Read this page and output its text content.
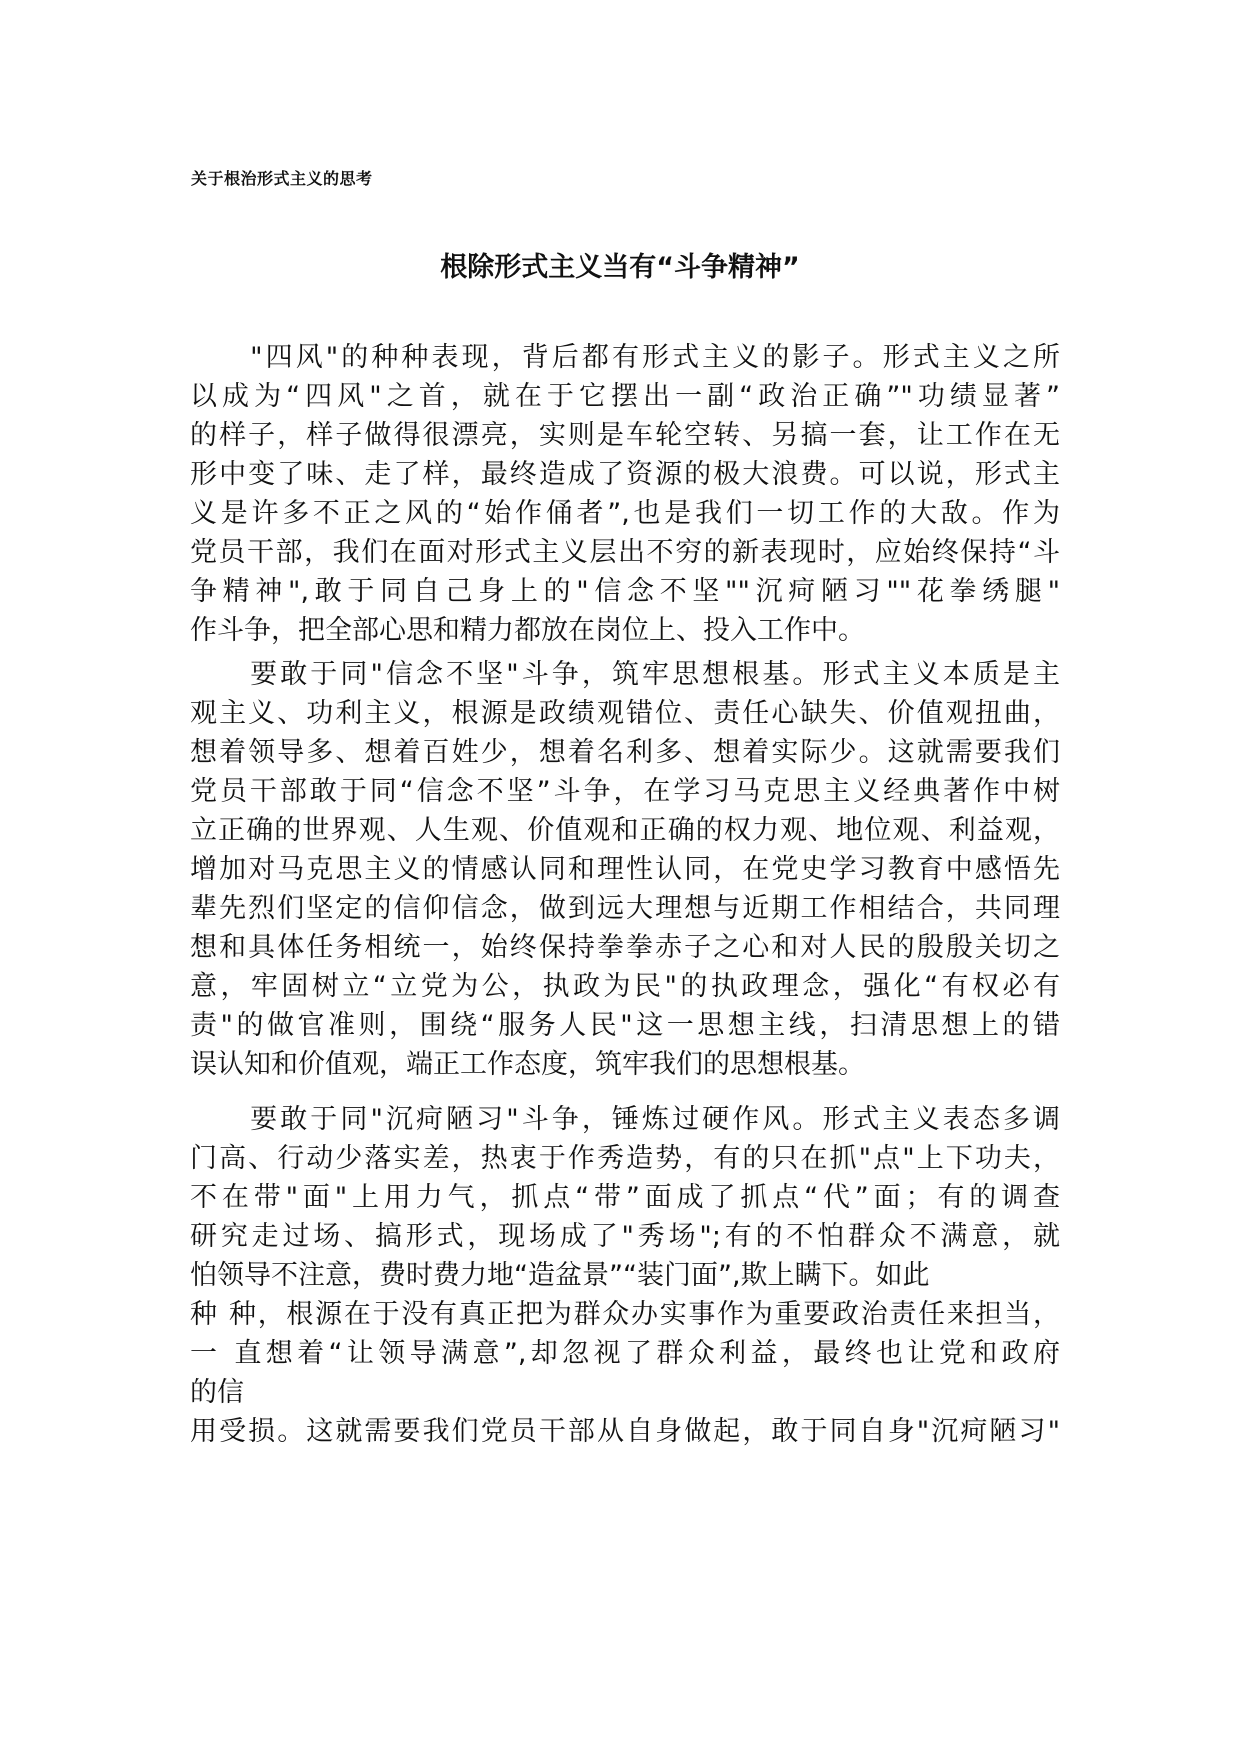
关于根治形式主义的思考
根除形式主义当有“斗争精神”
　　"四风"的种种表现，背后都有形式主义的影子。形式主义之所
以成为“四风"之首，就在于它摆出一副“政治正确”"功绩显著”
的样子，样子做得很漂亮，实则是车轮空转、另搞一套，让工作在无
形中变了味、走了样，最终造成了资源的极大浪费。可以说，形式主
义是许多不正之风的“始作俑者”,也是我们一切工作的大敌。作为
党员干部，我们在面对形式主义层出不穷的新表现时，应始终保持“斗
争精神",敢于同自己身上的"信念不坚""沉疴陋习""花拳绣腿"
作斗争，把全部心思和精力都放在岗位上、投入工作中。
　　要敢于同"信念不坚"斗争，筑牢思想根基。形式主义本质是主
观主义、功利主义，根源是政绩观错位、责任心缺失、价值观扭曲，
想着领导多、想着百姓少，想着名利多、想着实际少。这就需要我们
党员干部敢于同“信念不坚”斗争，在学习马克思主义经典著作中树
立正确的世界观、人生观、价值观和正确的权力观、地位观、利益观，
增加对马克思主义的情感认同和理性认同，在党史学习教育中感悟先
辈先烈们坚定的信仰信念，做到远大理想与近期工作相结合，共同理
想和具体任务相统一，始终保持拳拳赤子之心和对人民的殷殷关切之
意，牢固树立“立党为公，执政为民"的执政理念，强化“有权必有
责"的做官准则，围绕“服务人民"这一思想主线，扫清思想上的错
误认知和价值观，端正工作态度，筑牢我们的思想根基。
　　要敢于同"沉疴陋习"斗争，锤炼过硬作风。形式主义表态多调
门高、行动少落实差，热衷于作秀造势，有的只在抓"点"上下功夫，
不在带"面"上用力气，抓点“带”面成了抓点“代”面；有的调查
研究走过场、搞形式，现场成了"秀场";有的不怕群众不满意，就
怕领导不注意，费时费力地“造盆景”“装门面”,欺上瞒下。如此
种 种，根源在于没有真正把为群众办实事作为重要政治责任来担当，
一 直想着“让领导满意”,却忽视了群众利益，最终也让党和政府
的信
用受损。这就需要我们党员干部从自身做起，敢于同自身"沉疴陋习"
